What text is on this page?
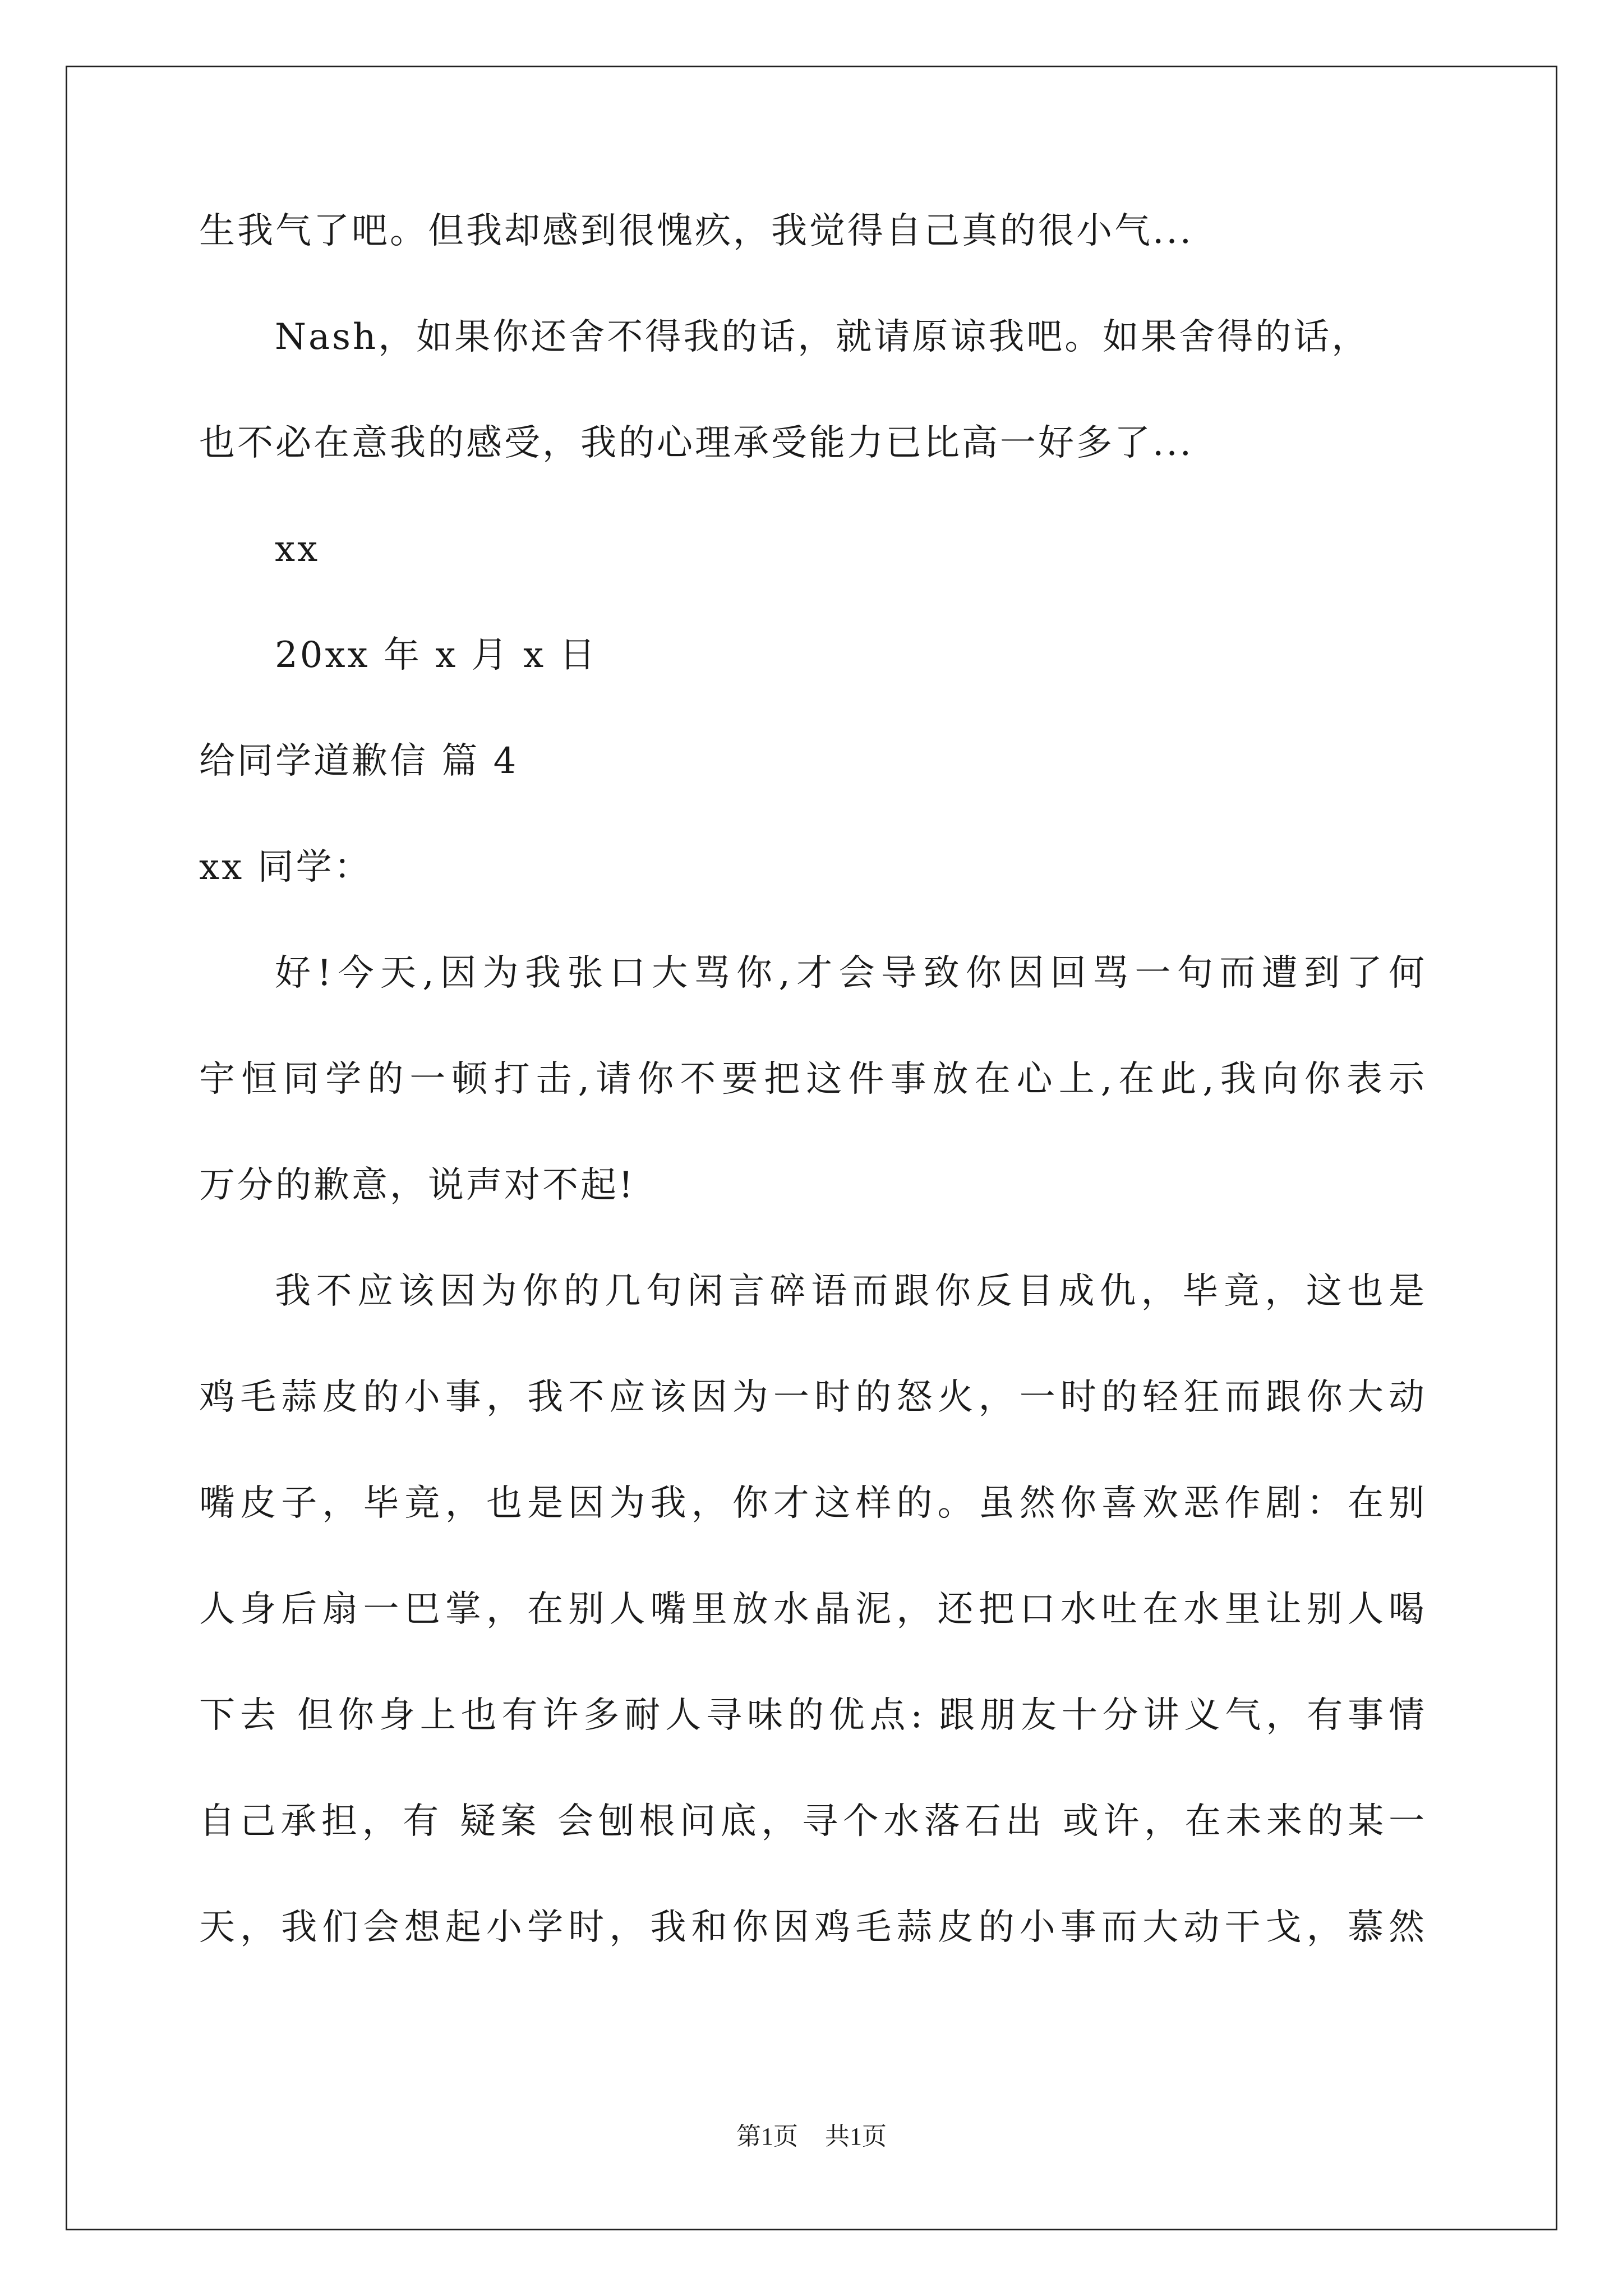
生我气了吧。但我却感到很愧疚，我觉得自己真的很小气...
Nash，如果你还舍不得我的话，就请原谅我吧。如果舍得的话，
也不必在意我的感受，我的心理承受能力已比高一好多了...
xx
20xx 年 x 月 x 日
给同学道歉信 篇 4
xx 同学：
好!今天,因为我张口大骂你,才会导致你因回骂一句而遭到了何
宇恒同学的一顿打击,请你不要把这件事放在心上,在此,我向你表示
万分的歉意，说声对不起!
我不应该因为你的几句闲言碎语而跟你反目成仇，毕竟，这也是
鸡毛蒜皮的小事，我不应该因为一时的怒火，一时的轻狂而跟你大动
嘴皮子，毕竟，也是因为我，你才这样的。虽然你喜欢恶作剧：在别
人身后扇一巴掌，在别人嘴里放水晶泥，还把口水吐在水里让别人喝
下去 但你身上也有许多耐人寻味的优点: 跟朋友十分讲义气，有事情
自己承担，有 疑案 会刨根问底，寻个水落石出 或许，在未来的某一
天，我们会想起小学时，我和你因鸡毛蒜皮的小事而大动干戈，慕然
第1页 共1页
